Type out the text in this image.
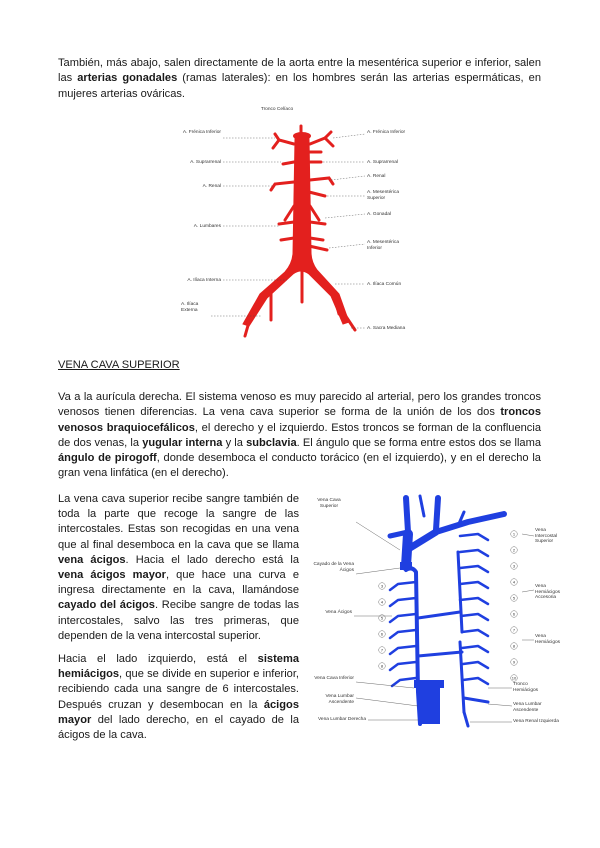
También, más abajo, salen directamente de la aorta entre la mesentérica superior e inferior, salen las arterias gonadales (ramas laterales): en los hombres serán las arterias espermáticas, en mujeres arterias ováricas.

Tronco Celíaco
A. Frénica Inferior
A. Suprarrenal
A. Renal
A. Lumbares
A. Ilíaca Interna
A. Ilíaca Externa
A. Frénica Inferior
A. Suprarrenal
A. Renal
A. Mesentérica Superior
A. Gonadal
A. Mesentérica Inferior
A. Ilíaca Común
A. Sacra Mediana

VENA CAVA SUPERIOR

Va a la aurícula derecha. El sistema venoso es muy parecido al arterial, pero los grandes troncos venosos tienen diferencias. La vena cava superior se forma de la unión de los dos troncos venosos braquiocefálicos, el derecho y el izquierdo. Estos troncos se forman de la confluencia de dos venas, la yugular interna y la subclavia. El ángulo que se forma entre estos dos se llama ángulo de pirogoff, donde desemboca el conducto torácico (en el izquierdo), y en el derecho la gran vena linfática (en el derecho).

La vena cava superior recibe sangre también de toda la parte que recoge la sangre de las intercostales. Estas son recogidas en una vena que al final desemboca en la cava que se llama vena ácigos. Hacia el lado derecho está la vena ácigos mayor, que hace una curva e ingresa directamente en la cava, llamándose cayado del ácigos. Recibe sangre de todas las intercostales, salvo las tres primeras, que dependen de la vena intercostal superior.

Hacia el lado izquierdo, está el sistema hemiácigos, que se divide en superior e inferior, recibiendo cada una sangre de 6 intercostales. Después cruzan y desembocan en la ácigos mayor del lado derecho, en el cayado de la ácigos de la cava.

3
4
5
6
7
8
1
2
3
4
5
6
7
8
9
10
Vena Cava Superior
Cayado de la Vena Ácigos
Vena Ácigos
Vena Cava Inferior
Vena Lumbar Ascendente
Vena Lumbar Derecha
Vena Intercostal Superior
Vena Hemiácigos Accesoria
Vena Hemiácigos
Tronco Hemiácigos
Vena Lumbar Ascendente
Vena Renal Izquierda
